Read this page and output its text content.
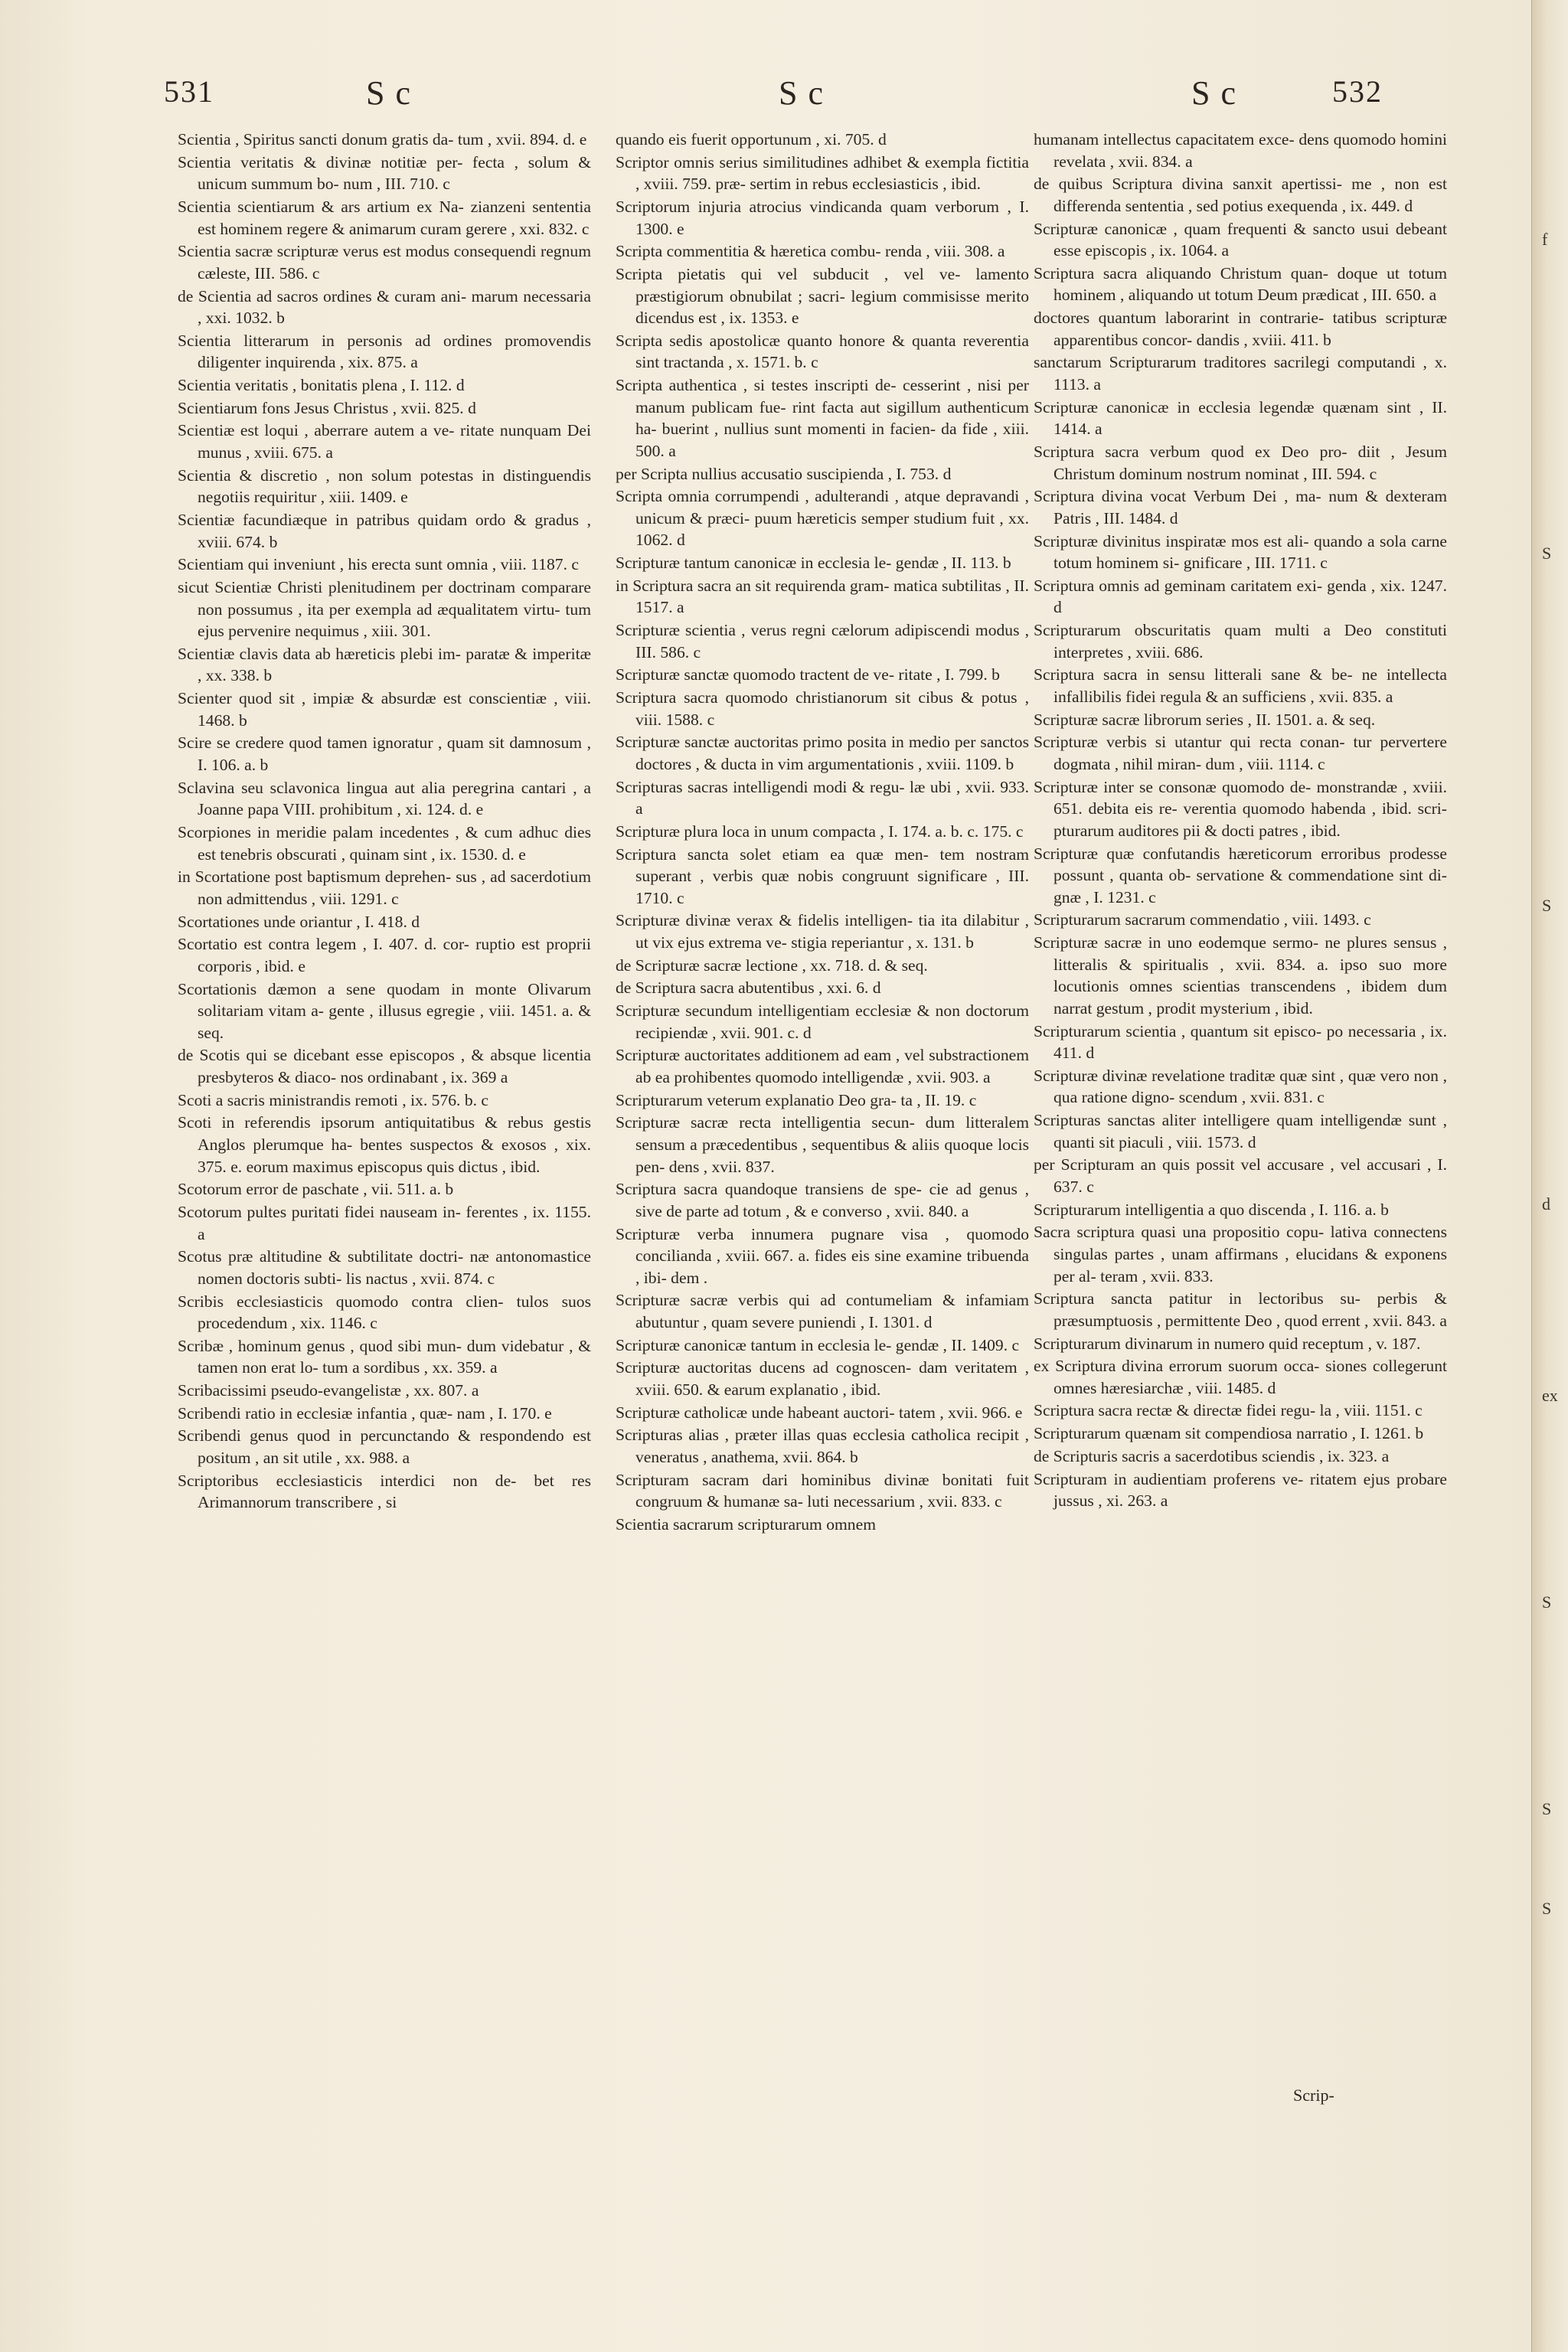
531	Sc	Sc	Sc	532

Scientia , Spiritus sancti donum gratis da- tum , xvii. 894. d. e

Scientia veritatis & divinæ notitiæ per- fecta , solum & unicum summum bo- num , III. 710. c

Scientia scientiarum & ars artium ex Na- zianzeni sententia est hominem regere & animarum curam gerere , xxi. 832. c

Scientia sacræ scripturæ verus est modus consequendi regnum cæleste, III. 586. c

de Scientia ad sacros ordines & curam ani- marum necessaria , xxi. 1032. b

Scientia litterarum in personis ad ordines promovendis diligenter inquirenda , xix. 875. a

Scientia veritatis , bonitatis plena , I. 112. d

Scientiarum fons Jesus Christus , xvii. 825. d

Scientiæ est loqui , aberrare autem a ve- ritate nunquam Dei munus , xviii. 675. a

Scientia & discretio , non solum potestas in distinguendis negotiis requiritur , xiii. 1409. e

Scientiæ facundiæque in patribus quidam ordo & gradus , xviii. 674. b

Scientiam qui inveniunt , his erecta sunt omnia , viii. 1187. c

sicut Scientiæ Christi plenitudinem per doctrinam comparare non possumus , ita per exempla ad æqualitatem virtu- tum ejus pervenire nequimus , xiii. 301.

Scientiæ clavis data ab hæreticis plebi im- paratæ & imperitæ , xx. 338. b

Scienter quod sit , impiæ & absurdæ est conscientiæ , viii. 1468. b

Scire se credere quod tamen ignoratur , quam sit damnosum , I. 106. a. b

Sclavina seu sclavonica lingua aut alia peregrina cantari , a Joanne papa VIII. prohibitum , xi. 124. d. e

Scorpiones in meridie palam incedentes , & cum adhuc dies est tenebris obscurati , quinam sint , ix. 1530. d. e

in Scortatione post baptismum deprehen- sus , ad sacerdotium non admittendus , viii. 1291. c

Scortationes unde oriantur , I. 418. d

Scortatio est contra legem , I. 407. d. cor- ruptio est proprii corporis , ibid. e

Scortationis dæmon a sene quodam in monte Olivarum solitariam vitam a- gente , illusus egregie , viii. 1451. a. & seq.

de Scotis qui se dicebant esse episcopos , & absque licentia presbyteros & diaco- nos ordinabant , ix. 369 a

Scoti a sacris ministrandis remoti , ix. 576. b. c

Scoti in referendis ipsorum antiquitatibus & rebus gestis Anglos plerumque ha- bentes suspectos & exosos , xix. 375. e. eorum maximus episcopus quis dictus , ibid.

Scotorum error de paschate , vii. 511. a. b

Scotorum pultes puritati fidei nauseam in- ferentes , ix. 1155. a

Scotus præ altitudine & subtilitate doctri- næ antonomastice nomen doctoris subti- lis nactus , xvii. 874. c

Scribis ecclesiasticis quomodo contra clien- tulos suos procedendum , xix. 1146. c

Scribæ , hominum genus , quod sibi mun- dum videbatur , & tamen non erat lo- tum a sordibus , xx. 359. a

Scribacissimi pseudo-evangelistæ , xx. 807. a

Scribendi ratio in ecclesiæ infantia , quæ- nam , I. 170. e

Scribendi genus quod in percunctando & respondendo est positum , an sit utile , xx. 988. a

Scriptoribus ecclesiasticis interdici non de- bet res Arimannorum transcribere , si

quando eis fuerit opportunum , xi. 705. d

Scriptor omnis serius similitudines adhibet & exempla fictitia , xviii. 759. præ- sertim in rebus ecclesiasticis , ibid.

Scriptorum injuria atrocius vindicanda quam verborum , I. 1300. e

Scripta commentitia & hæretica combu- renda , viii. 308. a

Scripta pietatis qui vel subducit , vel ve- lamento præstigiorum obnubilat ; sacri- legium commisisse merito dicendus est , ix. 1353. e

Scripta sedis apostolicæ quanto honore & quanta reverentia sint tractanda , x. 1571. b. c

Scripta authentica , si testes inscripti de- cesserint , nisi per manum publicam fue- rint facta aut sigillum authenticum ha- buerint , nullius sunt momenti in facien- da fide , xiii. 500. a

per Scripta nullius accusatio suscipienda , I. 753. d

Scripta omnia corrumpendi , adulterandi , atque depravandi , unicum & præci- puum hæreticis semper studium fuit , xx. 1062. d

Scripturæ tantum canonicæ in ecclesia le- gendæ , II. 113. b

in Scriptura sacra an sit requirenda gram- matica subtilitas , II. 1517. a

Scripturæ scientia , verus regni cælorum adipiscendi modus , III. 586. c

Scripturæ sanctæ quomodo tractent de ve- ritate , I. 799. b

Scriptura sacra quomodo christianorum sit cibus & potus , viii. 1588. c

Scripturæ sanctæ auctoritas primo posita in medio per sanctos doctores , & ducta in vim argumentationis , xviii. 1109. b

Scripturas sacras intelligendi modi & regu- læ ubi , xvii. 933. a

Scripturæ plura loca in unum compacta , I. 174. a. b. c. 175. c

Scriptura sancta solet etiam ea quæ men- tem nostram superant , verbis quæ nobis congruunt significare , III. 1710. c

Scripturæ divinæ verax & fidelis intelligen- tia ita dilabitur , ut vix ejus extrema ve- stigia reperiantur , x. 131. b

de Scripturæ sacræ lectione , xx. 718. d. & seq.

de Scriptura sacra abutentibus , xxi. 6. d

Scripturæ secundum intelligentiam ecclesiæ & non doctorum recipiendæ , xvii. 901. c. d

Scripturæ auctoritates additionem ad eam , vel substractionem ab ea prohibentes quomodo intelligendæ , xvii. 903. a

Scripturarum veterum explanatio Deo gra- ta , II. 19. c

Scripturæ sacræ recta intelligentia secun- dum litteralem sensum a præcedentibus , sequentibus & aliis quoque locis pen- dens , xvii. 837.

Scriptura sacra quandoque transiens de spe- cie ad genus , sive de parte ad totum , & e converso , xvii. 840. a

Scripturæ verba innumera pugnare visa , quomodo concilianda , xviii. 667. a. fides eis sine examine tribuenda , ibi- dem .

Scripturæ sacræ verbis qui ad contumeliam & infamiam abutuntur , quam severe puniendi , I. 1301. d

Scripturæ canonicæ tantum in ecclesia le- gendæ , II. 1409. c

Scripturæ auctoritas ducens ad cognoscen- dam veritatem , xviii. 650. & earum explanatio , ibid.

Scripturæ catholicæ unde habeant auctori- tatem , xvii. 966. e

Scripturas alias , præter illas quas ecclesia catholica recipit , veneratus , anathema, xvii. 864. b

Scripturam sacram dari hominibus divinæ bonitati fuit congruum & humanæ sa- luti necessarium , xvii. 833. c

Scientia sacrarum scripturarum omnem

humanam intellectus capacitatem exce- dens quomodo homini revelata , xvii. 834. a

de quibus Scriptura divina sanxit apertissi- me , non est differenda sententia , sed potius exequenda , ix. 449. d

Scripturæ canonicæ , quam frequenti & sancto usui debeant esse episcopis , ix. 1064. a

Scriptura sacra aliquando Christum quan- doque ut totum hominem , aliquando ut totum Deum prædicat , III. 650. a

doctores quantum laborarint in contrarie- tatibus scripturæ apparentibus concor- dandis , xviii. 411. b

sanctarum Scripturarum traditores sacrilegi computandi , x. 1113. a

Scripturæ canonicæ in ecclesia legendæ quænam sint , II. 1414. a

Scriptura sacra verbum quod ex Deo pro- diit , Jesum Christum dominum nostrum nominat , III. 594. c

Scriptura divina vocat Verbum Dei , ma- num & dexteram Patris , III. 1484. d

Scripturæ divinitus inspiratæ mos est ali- quando a sola carne totum hominem si- gnificare , III. 1711. c

Scriptura omnis ad geminam caritatem exi- genda , xix. 1247. d

Scripturarum obscuritatis quam multi a Deo constituti interpretes , xviii. 686.

Scriptura sacra in sensu litterali sane & be- ne intellecta infallibilis fidei regula & an sufficiens , xvii. 835. a

Scripturæ sacræ librorum series , II. 1501. a. & seq.

Scripturæ verbis si utantur qui recta conan- tur pervertere dogmata , nihil miran- dum , viii. 1114. c

Scripturæ inter se consonæ quomodo de- monstrandæ , xviii. 651. debita eis re- verentia quomodo habenda , ibid. scri- pturarum auditores pii & docti patres , ibid.

Scripturæ quæ confutandis hæreticorum erroribus prodesse possunt , quanta ob- servatione & commendatione sint di- gnæ , I. 1231. c

Scripturarum sacrarum commendatio , viii. 1493. c

Scripturæ sacræ in uno eodemque sermo- ne plures sensus , litteralis & spiritualis , xvii. 834. a. ipso suo more locutionis omnes scientias transcendens , ibidem dum narrat gestum , prodit mysterium , ibid.

Scripturarum scientia , quantum sit episco- po necessaria , ix. 411. d

Scripturæ divinæ revelatione traditæ quæ sint , quæ vero non , qua ratione digno- scendum , xvii. 831. c

Scripturas sanctas aliter intelligere quam intelligendæ sunt , quanti sit piaculi , viii. 1573. d

per Scripturam an quis possit vel accusare , vel accusari , I. 637. c

Scripturarum intelligentia a quo discenda , I. 116. a. b

Sacra scriptura quasi una propositio copu- lativa connectens singulas partes , unam affirmans , elucidans & exponens per al- teram , xvii. 833.

Scriptura sancta patitur in lectoribus su- perbis & præsumptuosis , permittente Deo , quod errent , xvii. 843. a

Scripturarum divinarum in numero quid receptum , v. 187.

ex Scriptura divina errorum suorum occa- siones collegerunt omnes hæresiarchæ , viii. 1485. d

Scriptura sacra rectæ & directæ fidei regu- la , viii. 1151. c

Scripturarum quænam sit compendiosa narratio , I. 1261. b

de Scripturis sacris a sacerdotibus sciendis , ix. 323. a

Scripturam in audientiam proferens ve- ritatem ejus probare jussus , xi. 263. a

Scrip-
f
S
S
d
ex
S
S
S
